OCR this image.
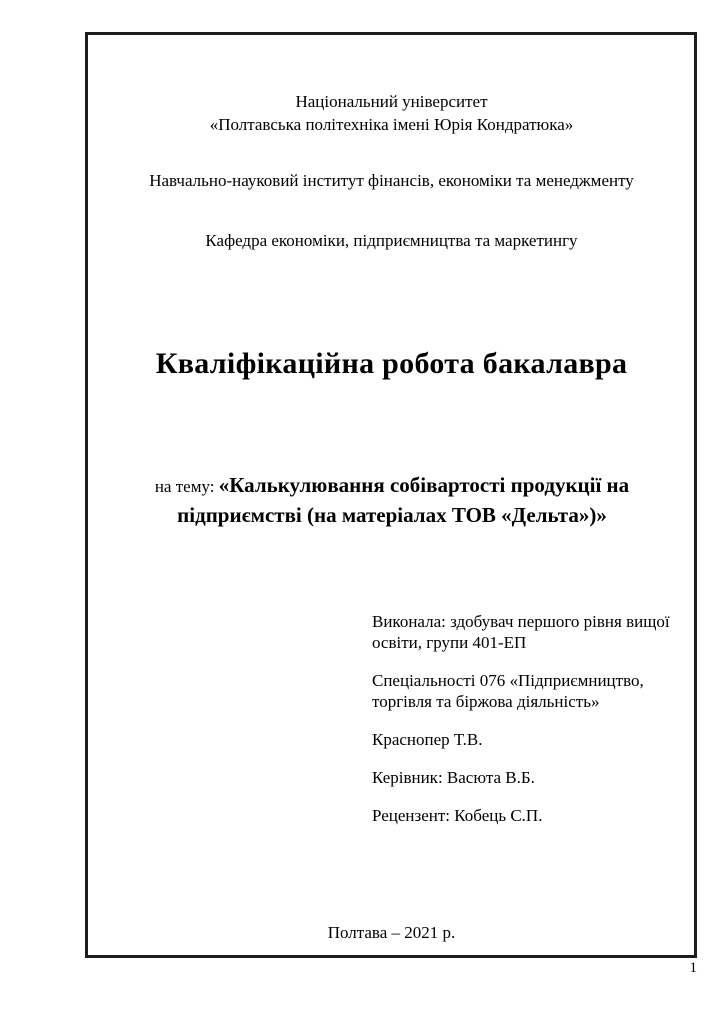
Національний університет
«Полтавська політехніка імені Юрія Кондратюка»
Навчально-науковий інститут фінансів, економіки та менеджменту
Кафедра економіки, підприємництва та маркетингу
Кваліфікаційна робота бакалавра

на тему: «Калькулювання собівартості продукції на підприємстві (на матеріалах ТОВ «Дельта»)»

Виконала: здобувач першого рівня вищої освіти, групи 401-ЕП

Спеціальності 076 «Підприємництво, торгівля та біржова діяльність»

Краснопер Т.В.

Керівник: Васюта В.Б.

Рецензент: Кобець С.П.

Полтава – 2021 р.
1
